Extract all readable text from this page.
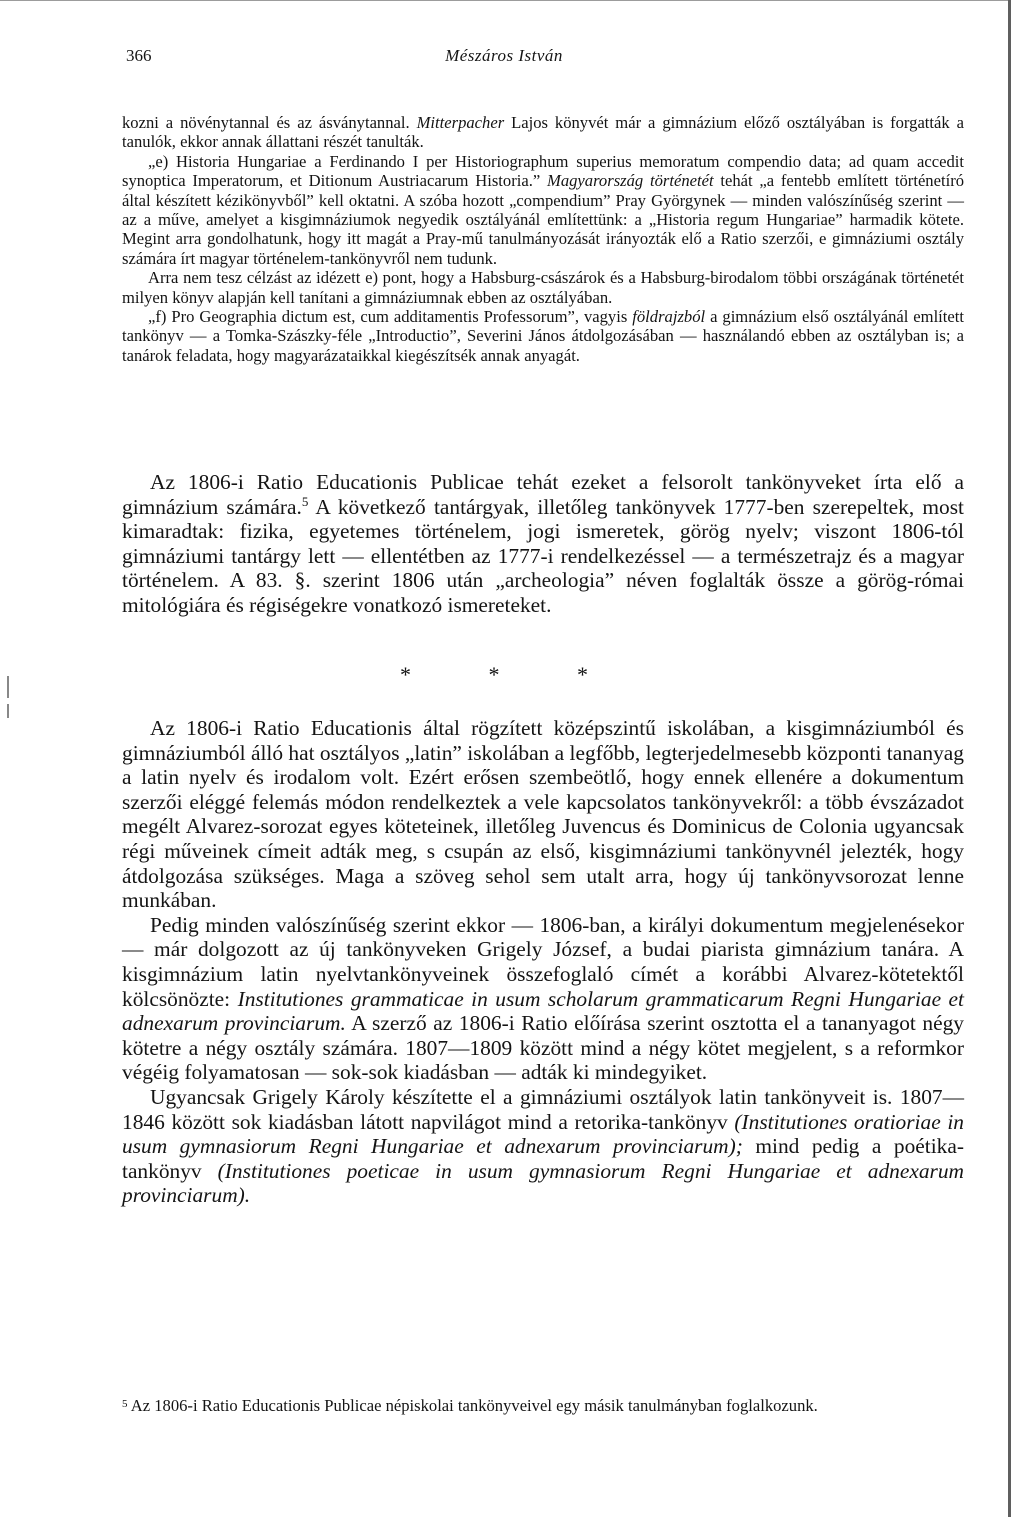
366	Mészáros István

kozni a növénytannal és az ásványtannal. Mitterpacher Lajos könyvét már a gimnázium előző osztályában is forgatták a tanulók, ekkor annak állattani részét tanulták.

„e) Historia Hungariae a Ferdinando I per Historiographum superius memoratum compendio data; ad quam accedit synoptica Imperatorum, et Ditionum Austriacarum Historia.” Magyarország történetét tehát „a fentebb említett történetíró által készített kézikönyvből” kell oktatni. A szóba hozott „compendium” Pray Györgynek — minden valószínűség szerint — az a műve, amelyet a kisgimnáziumok negyedik osztályánál említettünk: a „Historia regum Hungariae” harmadik kötete. Megint arra gondolhatunk, hogy itt magát a Pray-mű tanulmányozását irányozták elő a Ratio szerzői, e gimnáziumi osztály számára írt magyar történelem-tankönyvről nem tudunk.

Arra nem tesz célzást az idézett e) pont, hogy a Habsburg-császárok és a Habsburg-birodalom többi országának történetét milyen könyv alapján kell tanítani a gimnáziumnak ebben az osztályában.

„f) Pro Geographia dictum est, cum additamentis Professorum”, vagyis földrajzból a gimnázium első osztályánál említett tankönyv — a Tomka-Szászky-féle „Introductio”, Severini János átdolgozásában — használandó ebben az osztályban is; a tanárok feladata, hogy magyarázataikkal kiegészítsék annak anyagát.

Az 1806-i Ratio Educationis Publicae tehát ezeket a felsorolt tankönyveket írta elő a gimnázium számára.$^5$ A következő tantárgyak, illetőleg tankönyvek 1777-ben szerepeltek, most kimaradtak: fizika, egyetemes történelem, jogi ismeretek, görög nyelv; viszont 1806-tól gimnáziumi tantárgy lett — ellentétben az 1777-i rendelkezéssel — a természetrajz és a magyar történelem. A 83. §. szerint 1806 után „archeologia” néven foglalták össze a görög-római mitológiára és régiségekre vonatkozó ismereteket.

* * *

Az 1806-i Ratio Educationis által rögzített középszintű iskolában, a kisgimnáziumból és gimnáziumból álló hat osztályos „latin” iskolában a legfőbb, legterjedelmesebb központi tananyag a latin nyelv és irodalom volt. Ezért erősen szembeötlő, hogy ennek ellenére a dokumentum szerzői eléggé felemás módon rendelkeztek a vele kapcsolatos tankönyvekről: a több évszázadot megélt Alvarez-sorozat egyes köteteinek, illetőleg Juvencus és Dominicus de Colonia ugyancsak régi műveinek címeit adták meg, s csupán az első, kisgimnáziumi tankönyvnél jelezték, hogy átdolgozása szükséges. Maga a szöveg sehol sem utalt arra, hogy új tankönyvsorozat lenne munkában.

Pedig minden valószínűség szerint ekkor — 1806-ban, a királyi dokumentum megjelenésekor — már dolgozott az új tankönyveken Grigely József, a budai piarista gimnázium tanára. A kisgimnázium latin nyelvtankönyveinek összefoglaló címét a korábbi Alvarez-kötetektől kölcsönözte: Institutiones grammaticae in usum scholarum grammaticarum Regni Hungariae et adnexarum provinciarum. A szerző az 1806-i Ratio előírása szerint osztotta el a tananyagot négy kötetre a négy osztály számára. 1807—1809 között mind a négy kötet megjelent, s a reformkor végéig folyamatosan — sok-sok kiadásban — adták ki mindegyiket.

Ugyancsak Grigely Károly készítette el a gimnáziumi osztályok latin tankönyveit is. 1807—1846 között sok kiadásban látott napvilágot mind a retorika-tankönyv (Institutiones oratioriae in usum gymnasiorum Regni Hungariae et adnexarum provinciarum); mind pedig a poétika-tankönyv (Institutiones poeticae in usum gymnasiorum Regni Hungariae et adnexarum provinciarum).

$^5$ Az 1806-i Ratio Educationis Publicae népiskolai tankönyveivel egy másik tanulmányban foglalkozunk.
